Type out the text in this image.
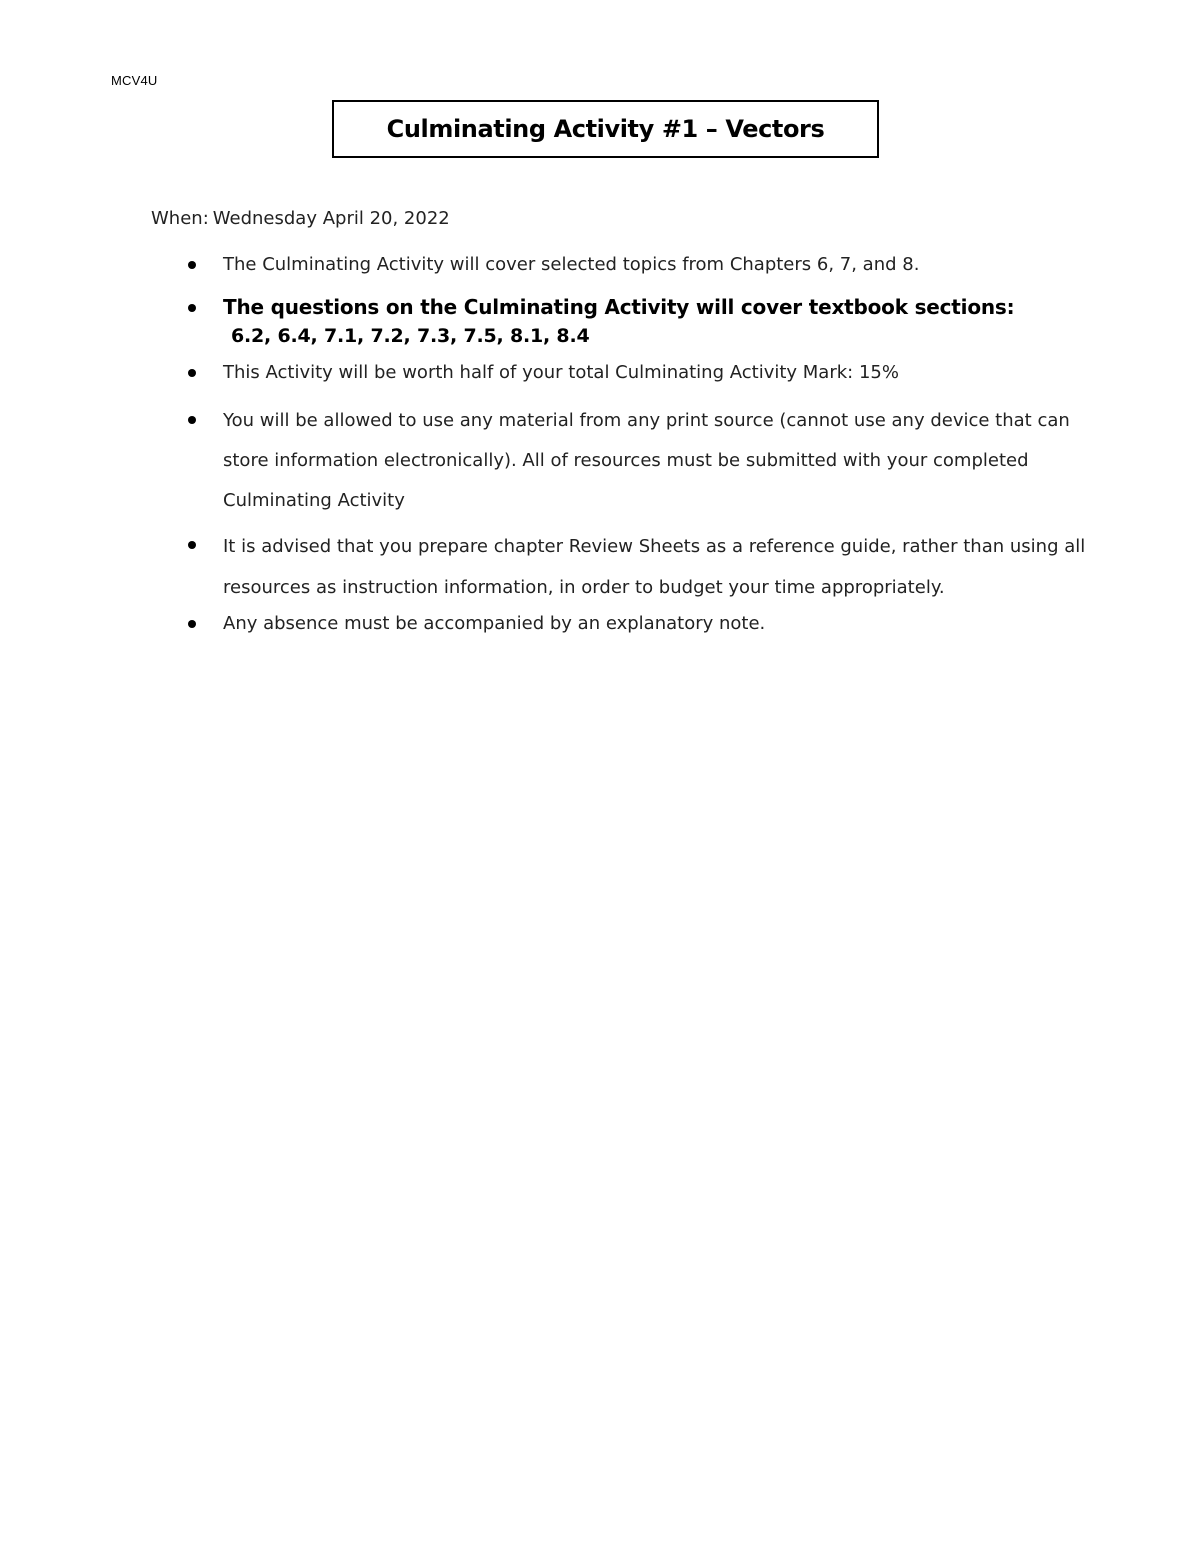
MCV4U
Culminating Activity #1 – Vectors
When: Wednesday April 20, 2022
The Culminating Activity will cover selected topics from Chapters 6, 7, and 8.
The questions on the Culminating Activity will cover textbook sections:
6.2, 6.4, 7.1, 7.2, 7.3, 7.5, 8.1, 8.4
This Activity will be worth half of your total Culminating Activity Mark: 15%
You will be allowed to use any material from any print source (cannot use any device that can store information electronically). All of resources must be submitted with your completed Culminating Activity
It is advised that you prepare chapter Review Sheets as a reference guide, rather than using all resources as instruction information, in order to budget your time appropriately.
Any absence must be accompanied by an explanatory note.
